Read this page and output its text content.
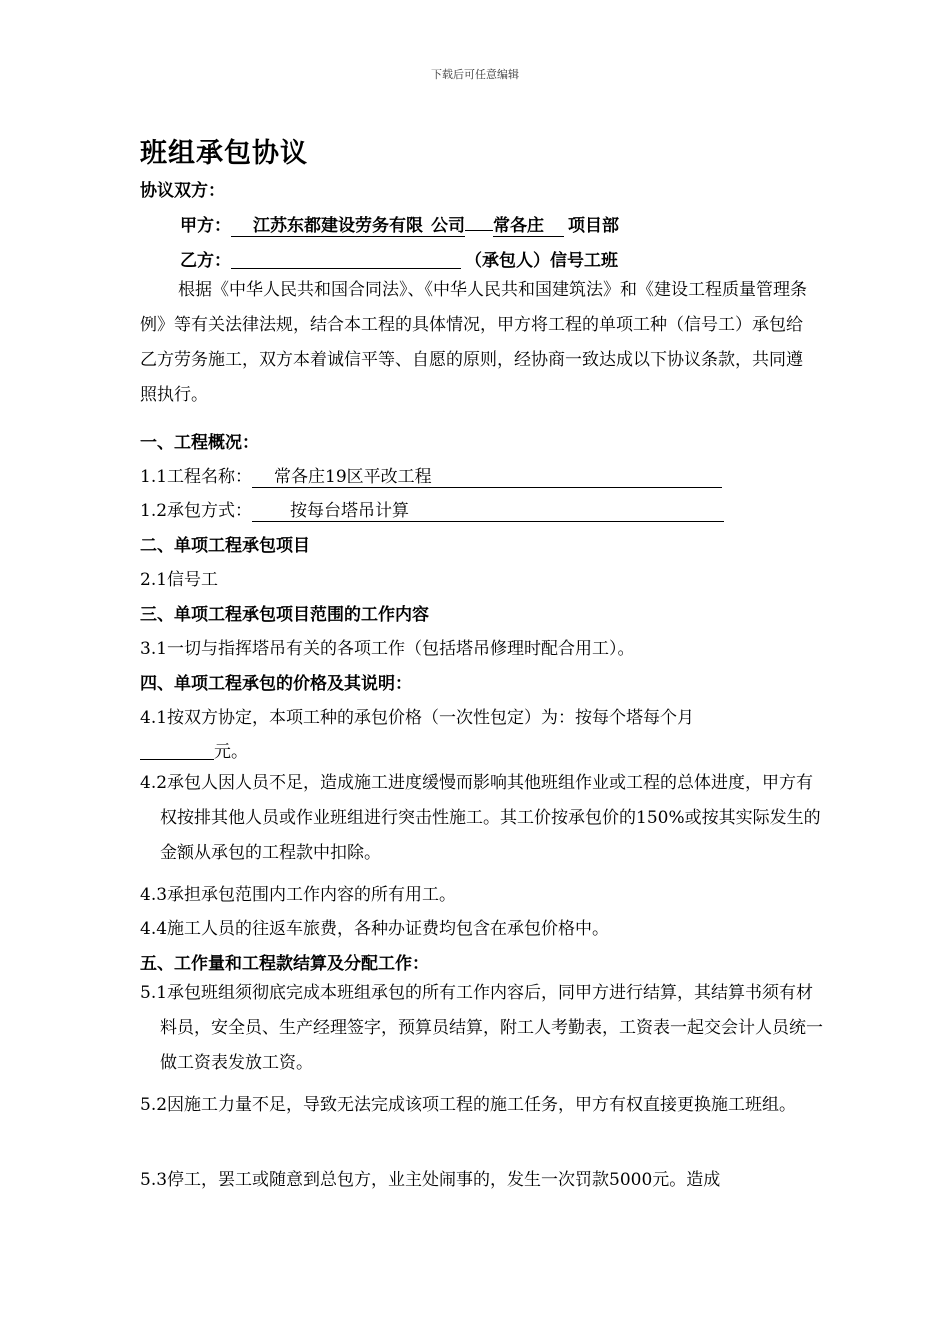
下载后可任意编辑
班组承包协议
协议双方：
甲方： 江苏东都建设劳务有限 公司 常各庄 项目部
乙方：	（承包人）信号工班
根据《中华人民共和国合同法》、《中华人民共和国建筑法》和《建设工程质量管理条例》等有关法律法规，结合本工程的具体情况，甲方将工程的单项工种（信号工）承包给乙方劳务施工，双方本着诚信平等、自愿的原则，经协商一致达成以下协议条款，共同遵照执行。
一、工程概况：
1.1工程名称： 常各庄19区平改工程
1.2承包方式： 按每台塔吊计算
二、单项工程承包项目
2.1信号工
三、单项工程承包项目范围的工作内容
3.1一切与指挥塔吊有关的各项工作（包括塔吊修理时配合用工）。
四、单项工程承包的价格及其说明：
4.1按双方协定，本项工种的承包价格（一次性包定）为：按每个塔每个月
元。
4.2承包人因人员不足，造成施工进度缓慢而影响其他班组作业或工程的总体进度，甲方有权按排其他人员或作业班组进行突击性施工。其工价按承包价的150%或按其实际发生的金额从承包的工程款中扣除。
4.3承担承包范围内工作内容的所有用工。
4.4施工人员的往返车旅费，各种办证费均包含在承包价格中。
五、工作量和工程款结算及分配工作：
5.1承包班组须彻底完成本班组承包的所有工作内容后，同甲方进行结算，其结算书须有材料员，安全员、生产经理签字，预算员结算，附工人考勤表，工资表一起交会计人员统一做工资表发放工资。
5.2因施工力量不足，导致无法完成该项工程的施工任务，甲方有权直接更换施工班组。
5.3停工，罢工或随意到总包方，业主处闹事的，发生一次罚款5000元。造成
